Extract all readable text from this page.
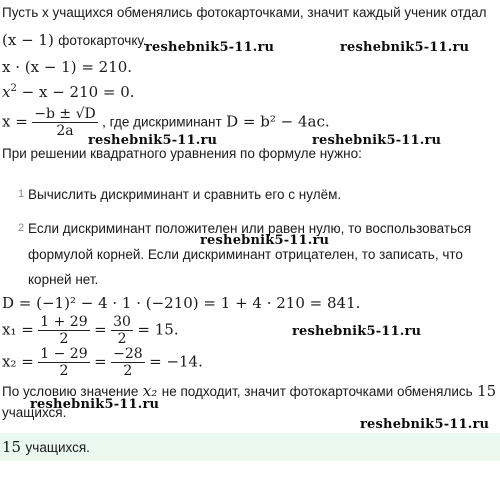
Пусть x учащихся обменялись фотокарточками, значит каждый ученик отдал
(x − 1) фотокарточку.
x · (x − 1) = 210.
$x^2 - x - 210 = 0$.
$x = \frac{-b \pm √D}{2a}$ , где дискриминант D = b² − 4ac.
При решении квадратного уравнения по формуле нужно:
1 Вычислить дискриминант и сравнить его с нулём.
2 Если дискриминант положителен или равен нулю, то воспользоваться
формулой корней. Если дискриминант отрицателен, то записать, что
корней нет.
D = (−1)² − 4 · 1 · (−210) = 1 + 4 · 210 = 841.
$x_1 = \frac{1 + 29}{2} = \frac{30}{2} = 15$.
$x_2 = \frac{1 - 29}{2} = \frac{-28}{2} = -14$.
По условию значение x₂ не подходит, значит фотокарточками обменялись 15
учащихся.
15 учащихся.
reshebnik5-11.ru	reshebnik5-11.ru
reshebnik5-11.ru	reshebnik5-11.ru
reshebnik5-11.ru
reshebnik5-11.ru
reshebnik5-11.ru
reshebnik5-11.ru
